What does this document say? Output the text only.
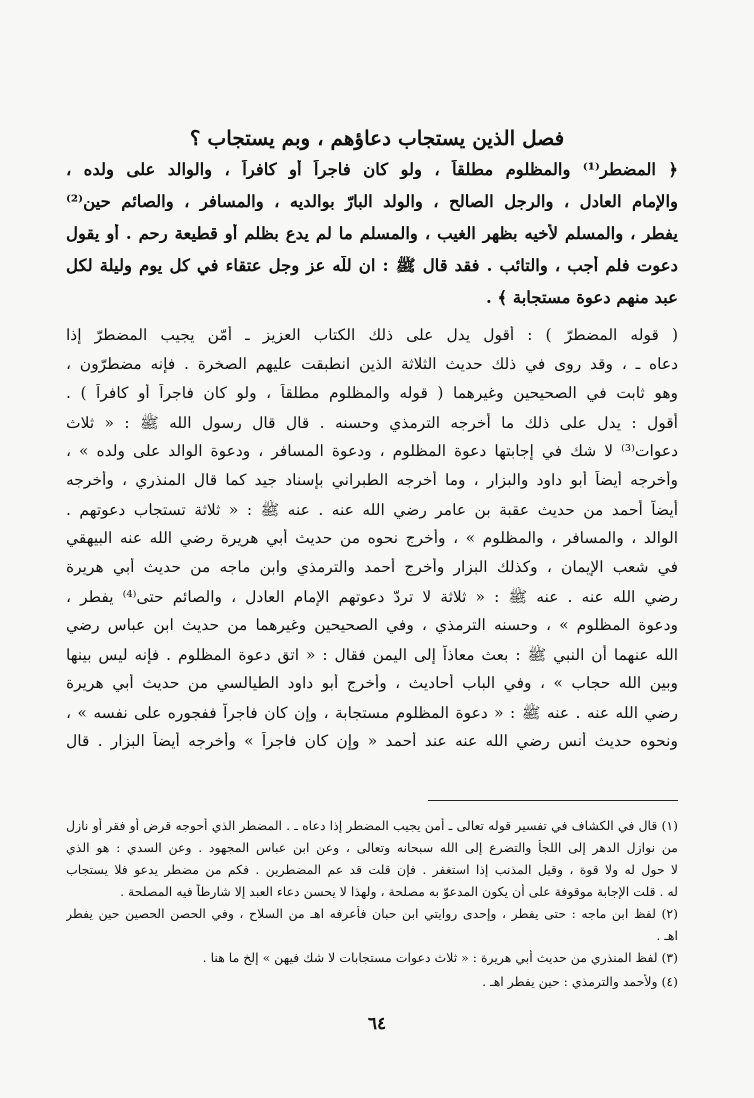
فصل الذين يستجاب دعاؤهم ، وبم يستجاب ؟
﴿ المضطر⁽¹⁾ والمظلوم مطلقاً ، ولو كان فاجراً أو كافراً ، والوالد على ولده ،
والإمام العادل ، والرجل الصالح ، والولد البارّ بوالديه ، والمسافر ، والصائم حين⁽²⁾
يفطر ، والمسلم لأخيه بظهر الغيب ، والمسلم ما لم يدع بظلم أو قطيعة رحم . أو يقول
دعوت فلم أجب ، والتائب . فقد قال ﷺ : ان للّه عز وجل عتقاء في كل يوم وليلة لكل
عبد منهم دعوة مستجابة ﴾ .
( قوله المضطرّ ) : أقول يدل على ذلك الكتاب العزيز ـ أمّن يجيب المضطرّ إذا
دعاه ـ ، وقد روى في ذلك حديث الثلاثة الذين انطبقت عليهم الصخرة . فإنه مضطرّون ،
وهو ثابت في الصحيحين وغيرهما ( قوله والمظلوم مطلقاً ، ولو كان فاجراً أو كافراً ) .
أقول : يدل على ذلك ما أخرجه الترمذي وحسنه . قال قال رسول الله ﷺ : « ثلاث
دعوات⁽³⁾ لا شك في إجابتها دعوة المظلوم ، ودعوة المسافر ، ودعوة الوالد على ولده » ،
وأخرجه أيضاً أبو داود والبزار ، وما أخرجه الطبراني بإسناد جيد كما قال المنذري ، وأخرجه
أيضاً أحمد من حديث عقبة بن عامر رضي الله عنه . عنه ﷺ : « ثلاثة تستجاب دعوتهم .
الوالد ، والمسافر ، والمظلوم » ، وأخرج نحوه من حديث أبي هريرة رضي الله عنه البيهقي
في شعب الإيمان ، وكذلك البزار وأخرج أحمد والترمذي وابن ماجه من حديث أبي هريرة
رضي الله عنه . عنه ﷺ : « ثلاثة لا تردّ دعوتهم الإمام العادل ، والصائم حتى⁽⁴⁾ يفطر ،
ودعوة المظلوم » ، وحسنه الترمذي ، وفي الصحيحين وغيرهما من حديث ابن عباس رضي
الله عنهما أن النبي ﷺ : بعث معاذاً إلى اليمن فقال : « اتق دعوة المظلوم . فإنه ليس بينها
وبين الله حجاب » ، وفي الباب أحاديث ، وأخرج أبو داود الطيالسي من حديث أبي هريرة
رضي الله عنه . عنه ﷺ : « دعوة المظلوم مستجابة ، وإن كان فاجراً ففجوره على نفسه » ،
ونحوه حديث أنس رضي الله عنه عند أحمد « وإن كان فاجراً » وأخرجه أيضاً البزار . قال
(١) قال في الكشاف في تفسير قوله تعالى ـ أمن يجيب المضطر إذا دعاه ـ . المضطر الذي أحوجه قرض أو فقر أو نازل
من نوازل الدهر إلى اللجأ والتضرع إلى الله سبحانه وتعالى ، وعن ابن عباس المجهود . وعن السدي : هو الذي
لا حول له ولا قوة ، وقيل المذنب إذا استغفر . فإن قلت قد عم المضطرين . فكم من مضطر يدعو فلا يستجاب
له . قلت الإجابة موقوفة على أن يكون المدعوّ به مصلحة ، ولهذا لا يحسن دعاء العبد إلا شارطاً فيه المصلحة .
(٢) لفظ ابن ماجه : حتى يفطر ، وإحدى روايتي ابن حبان فأعرفه اهـ من السلاح ، وفي الحصن الحصين حين يفطر
اهـ .
(٣) لفظ المنذري من حديث أبي هريرة : « ثلاث دعوات مستجابات لا شك فيهن » إلخ ما هنا .
(٤) ولأحمد والترمذي : حين يفطر اهـ .
٦٤
